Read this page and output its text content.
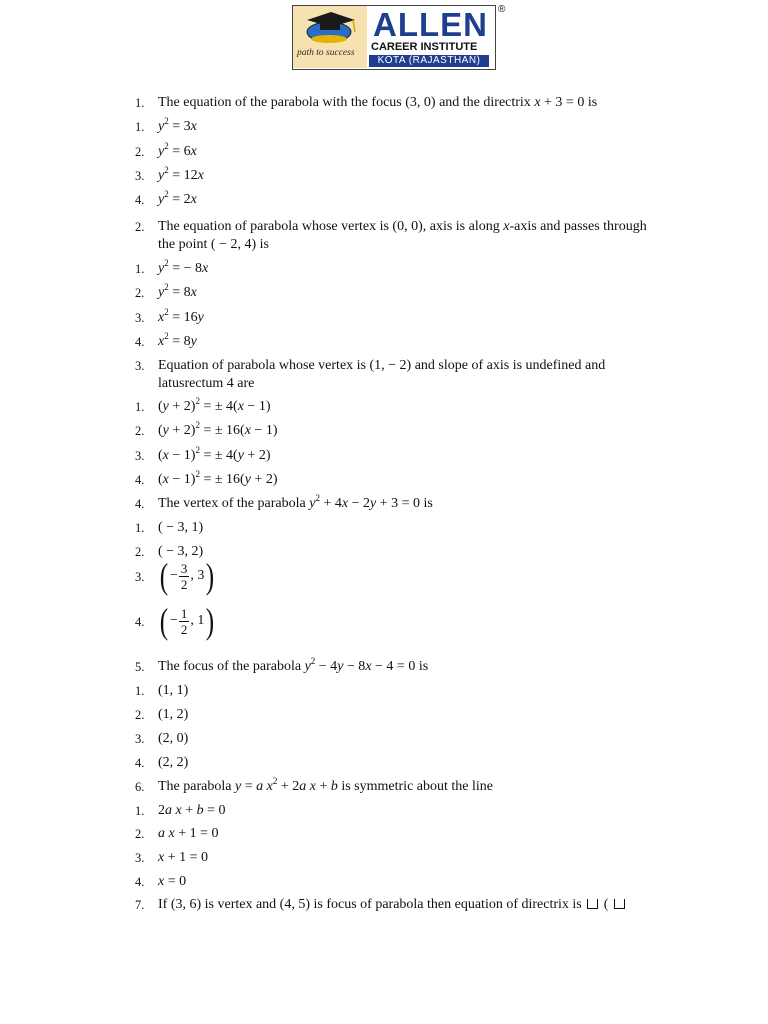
path to success
ALLEN
CAREER INSTITUTE
KOTA (RAJASTHAN)
®
1. The equation of the parabola with the focus (3, 0) and the directrix x + 3 = 0 is
1. $y^2 = 3x$
2. $y^2 = 6x$
3. $y^2 = 12x$
4. $y^2 = 2x$
2. The equation of parabola whose vertex is (0, 0), axis is along x-axis and passes through the point ( − 2, 4) is
1. $y^2$ = − 8x
2. $y^2 = 8x$
3. $x^2 = 16y$
4. $x^2 = 8y$
3. Equation of parabola whose vertex is (1, − 2) and slope of axis is undefined and latusrectum 4 are
1. $(y + 2)^2$ = ± 4(x − 1)
2. $(y + 2)^2$ = ± 16(x − 1)
3. $(x - 1)^2$ = ± 4(y + 2)
4. $(x - 1)^2$ = ± 16(y + 2)
4. The vertex of the parabola $y^2 + 4x - 2y + 3 = 0$ is
1. ( − 3, 1)
2. ( − 3, 2)
3. ( − $\frac{3}{2}$ , 3 )
4. ( − $\frac{1}{2}$ , 1 )
5. The focus of the parabola $y^2 - 4y - 8x - 4 = 0$ is
1. (1, 1)
2. (1, 2)
3. (2, 0)
4. (2, 2)
6. The parabola y = a $x^2 + 2a$ x + b is symmetric about the line
1. 2a x + b = 0
2. a x + 1 = 0
3. x + 1 = 0
4. x = 0
7. If (3, 6) is vertex and (4, 5) is focus of parabola then equation of directrix is  (
